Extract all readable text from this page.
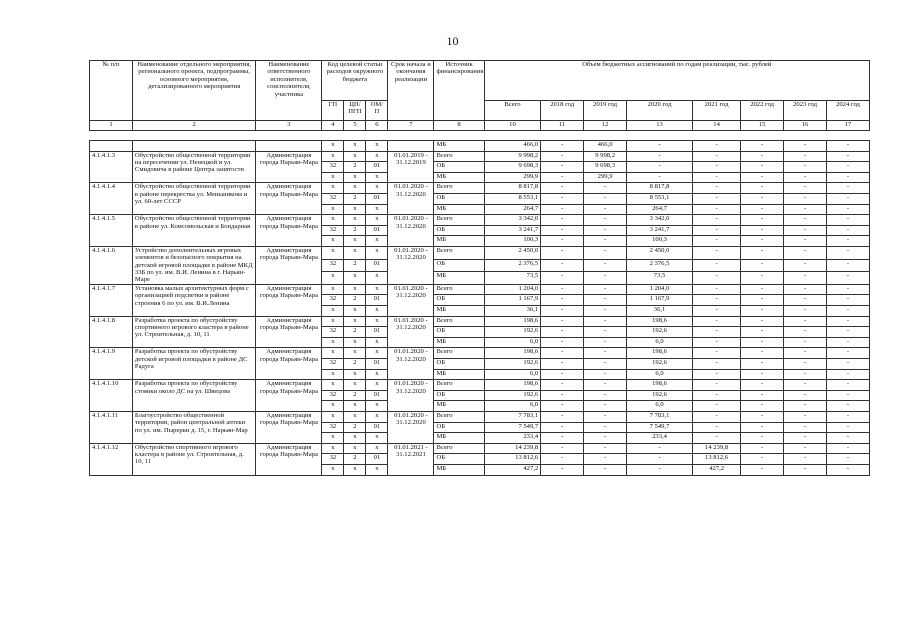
10
№ п/п	Наименование отдельного мероприятия, регионального проекта, подпрограммы, основного мероприятия, детализированного мероприятия	Наименование ответственного исполнителя, соисполнителя, участника	Код целевой статьи расходов окружного бюджета			Срок начала и окончания реализации	Источник финансирования	Объем бюджетных ассигнований по годам реализации, тыс. рублей							
			ГП	ЦП/ПГП	ОМ/П			Всего	2018 год	2019 год	2020 год	2021 год	2022 год	2023 год	2024 год
1	2	3	4	5	6	7	8	10	11	12	13	14	15	16	17

			x	x	x		МБ	466,0	-	466,0	-	-	-	-	-
4.1.4.1.3	Обустройство общественной территории на пересечении ул. Ненецкой и ул. Смидовича в районе Центра занятости	Администрация города Нарьян-Мара	x	x	x	01.01.2019 - 31.12.2019	Всего	9 998,2	-	9 998,2	-	-	-	-	-
			32	2	01		ОБ	9 698,3	-	9 698,3	-	-	-	-	-
			x	x	x		МБ	299,9	-	299,9	-	-	-	-	-
4.1.4.1.4	Обустройство общественной территории в районе перекрестка ул. Меньшикова и ул. 60-лет СССР	Администрация города Нарьян-Мара	x	x	x	01.01.2020 - 31.12.2020	Всего	8 817,8	-	-	8 817,8	-	-	-	-
			32	2	01		ОБ	8 553,1	-	-	8 553,1	-	-	-	-
			x	x	x		МБ	264,7	-	-	264,7	-	-	-	-
4.1.4.1.5	Обустройство общественной территории в районе ул. Комсомольская и Бондарная	Администрация города Нарьян-Мара	x	x	x	01.01.2020 - 31.12.2020	Всего	3 342,0	-	-	3 342,0	-	-	-	-
			32	2	01		ОБ	3 241,7	-	-	3 241,7	-	-	-	-
			x	x	x		МБ	100,3	-	-	100,3	-	-	-	-
4.1.4.1.6	Устройство дополнительных игровых элементов и безопасного покрытия на детской игровой площадке в районе МКД 33Б по ул. им. В.И. Ленина в г. Нарьян-Маре	Администрация города Нарьян-Мара	x	x	x	01.01.2020 - 31.12.2020	Всего	2 450,0	-	-	2 450,0	-	-	-	-
			32	2	01		ОБ	2 376,5	-	-	2 376,5	-	-	-	-
			x	x	x		МБ	73,5	-	-	73,5	-	-	-	-
4.1.4.1.7	Установка малых архитектурных форм с организацией подсветки в районе строения 6 по ул. им. В.И.Ленина	Администрация города Нарьян-Мара	x	x	x	01.01.2020 - 31.12.2020	Всего	1 204,0	-	-	1 204,0	-	-	-	-
			32	2	01		ОБ	1 167,9	-	-	1 167,9	-	-	-	-
			x	x	x		МБ	36,1	-	-	36,1	-	-	-	-
4.1.4.1.8	Разработка проекта по обустройству спортивного игрового кластера в районе ул. Строительная, д. 10, 11	Администрация города Нарьян-Мара	x	x	x	01.01.2020 - 31.12.2020	Всего	198,6	-	-	198,6	-	-	-	-
			32	2	01		ОБ	192,6	-	-	192,6	-	-	-	-
			x	x	x		МБ	6,0	-	-	6,0	-	-	-	-
4.1.4.1.9	Разработка проекта по обустройству детской игровой площадки в районе ДС Радуга	Администрация города Нарьян-Мара	x	x	x	01.01.2020 - 31.12.2020	Всего	198,6	-	-	198,6	-	-	-	-
			32	2	01		ОБ	192,6	-	-	192,6	-	-	-	-
			x	x	x		МБ	6,0	-	-	6,0	-	-	-	-
4.1.4.1.10	Разработка проекта по обустройству стоянки около ДС на ул. Швецова	Администрация города Нарьян-Мара	x	x	x	01.01.2020 - 31.12.2020	Всего	198,6	-	-	198,6	-	-	-	-
			32	2	01		ОБ	192,6	-	-	192,6	-	-	-	-
			x	x	x		МБ	6,0	-	-	6,0	-	-	-	-
4.1.4.1.11	Благоустройство общественной территории, район центральной аптеки по ул. им. Пырерки д. 15, г. Нарьян-Мар	Администрация города Нарьян-Мара	x	x	x	01.01.2020 - 31.12.2020	Всего	7 783,1	-	-	7 783,1	-	-	-	-
			32	2	01		ОБ	7 549,7	-	-	7 549,7	-	-	-	-
			x	x	x		МБ	233,4	-	-	233,4	-	-	-	-
4.1.4.1.12	Обустройство спортивного игрового кластера в районе ул. Строительная, д. 10, 11	Администрация города Нарьян-Мара	x	x	x	01.01.2021 - 31.12.2021	Всего	14 239,8	-	-	-	14 239,8	-	-	-
			32	2	01		ОБ	13 812,6	-	-	-	13 812,6	-	-	-
			x	x	x		МБ	427,2	-	-	-	427,2	-	-	-
